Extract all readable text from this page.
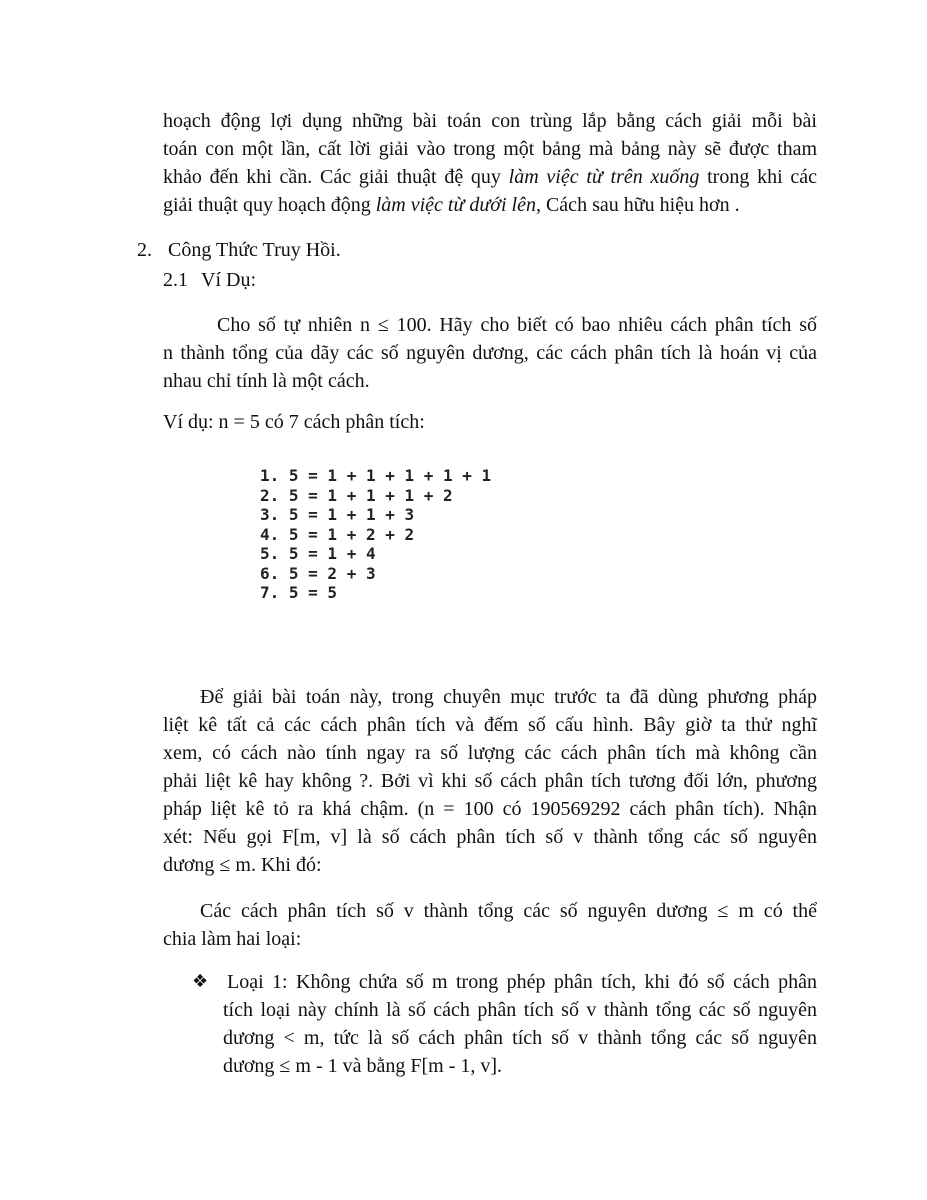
hoạch động lợi dụng những bài toán con trùng lắp bằng cách giải mỗi bài
toán con một lần, cất lời giải vào trong một bảng mà bảng này sẽ được tham
khảo đến khi cần. Các giải thuật đệ quy làm việc từ trên xuống trong khi các
giải thuật quy hoạch động làm việc từ dưới lên, Cách sau hữu hiệu hơn .
2. Công Thức Truy Hồi.
2.1 Ví Dụ:
Cho số tự nhiên n ≤ 100. Hãy cho biết có bao nhiêu cách phân tích số
n thành tổng của dãy các số nguyên dương, các cách phân tích là hoán vị của
nhau chỉ tính là một cách.
Ví dụ: n = 5 có 7 cách phân tích:
1. 5 = 1 + 1 + 1 + 1 + 1
2. 5 = 1 + 1 + 1 + 2
3. 5 = 1 + 1 + 3
4. 5 = 1 + 2 + 2
5. 5 = 1 + 4
6. 5 = 2 + 3
7. 5 = 5
Để giải bài toán này, trong chuyên mục trước ta đã dùng phương pháp
liệt kê tất cả các cách phân tích và đếm số cấu hình. Bây giờ ta thử nghĩ
xem, có cách nào tính ngay ra số lượng các cách phân tích mà không cần
phải liệt kê hay không ?. Bởi vì khi số cách phân tích tương đối lớn, phương
pháp liệt kê tỏ ra khá chậm. (n = 100 có 190569292 cách phân tích). Nhận
xét: Nếu gọi F[m, v] là số cách phân tích số v thành tổng các số nguyên
dương ≤ m. Khi đó:
Các cách phân tích số v thành tổng các số nguyên dương ≤ m có thể
chia làm hai loại:
❖ Loại 1: Không chứa số m trong phép phân tích, khi đó số cách phân
tích loại này chính là số cách phân tích số v thành tổng các số nguyên
dương < m, tức là số cách phân tích số v thành tổng các số nguyên
dương ≤ m - 1 và bằng F[m - 1, v].
